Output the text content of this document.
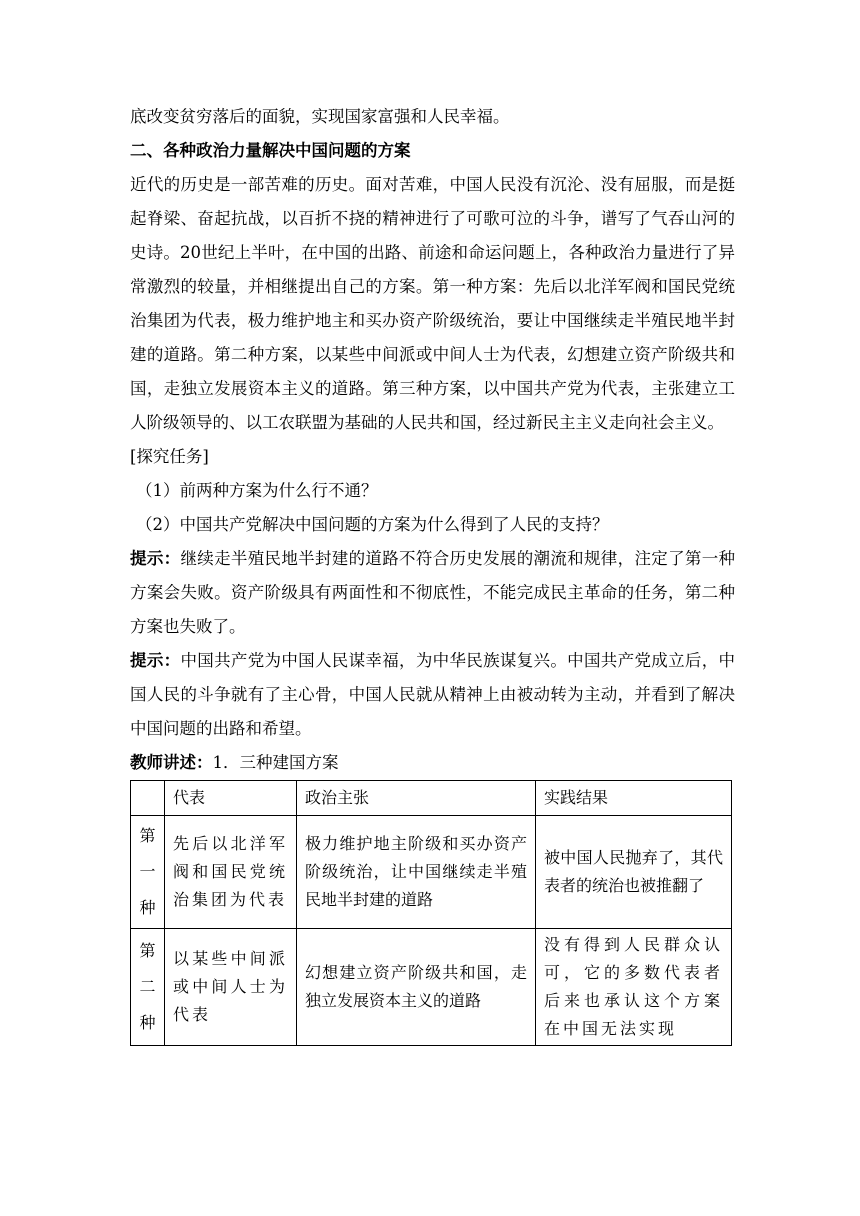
底改变贫穷落后的面貌，实现国家富强和人民幸福。

二、各种政治力量解决中国问题的方案

近代的历史是一部苦难的历史。面对苦难，中国人民没有沉沦、没有屈服，而是挺起脊梁、奋起抗战，以百折不挠的精神进行了可歌可泣的斗争，谱写了气吞山河的史诗。20世纪上半叶，在中国的出路、前途和命运问题上，各种政治力量进行了异常激烈的较量，并相继提出自己的方案。第一种方案：先后以北洋军阀和国民党统治集团为代表，极力维护地主和买办资产阶级统治，要让中国继续走半殖民地半封建的道路。第二种方案，以某些中间派或中间人士为代表，幻想建立资产阶级共和国，走独立发展资本主义的道路。第三种方案，以中国共产党为代表，主张建立工人阶级领导的、以工农联盟为基础的人民共和国，经过新民主主义走向社会主义。

[探究任务]

（1）前两种方案为什么行不通？

（2）中国共产党解决中国问题的方案为什么得到了人民的支持？

提示：继续走半殖民地半封建的道路不符合历史发展的潮流和规律，注定了第一种方案会失败。资产阶级具有两面性和不彻底性，不能完成民主革命的任务，第二种方案也失败了。

提示：中国共产党为中国人民谋幸福，为中华民族谋复兴。中国共产党成立后，中国人民的斗争就有了主心骨，中国人民就从精神上由被动转为主动，并看到了解决中国问题的出路和希望。

教师讲述：1．三种建国方案

	代表	政治主张	实践结果

第
一
种	先后以北洋军阀和国民党统治集团为代表	极力维护地主阶级和买办资产阶级统治，让中国继续走半殖民地半封建的道路	被中国人民抛弃了，其代表者的统治也被推翻了

第
二
种	以某些中间派或中间人士为代表	幻想建立资产阶级共和国，走独立发展资本主义的道路	没有得到人民群众认可，它的多数代表者后来也承认这个方案在中国无法实现
